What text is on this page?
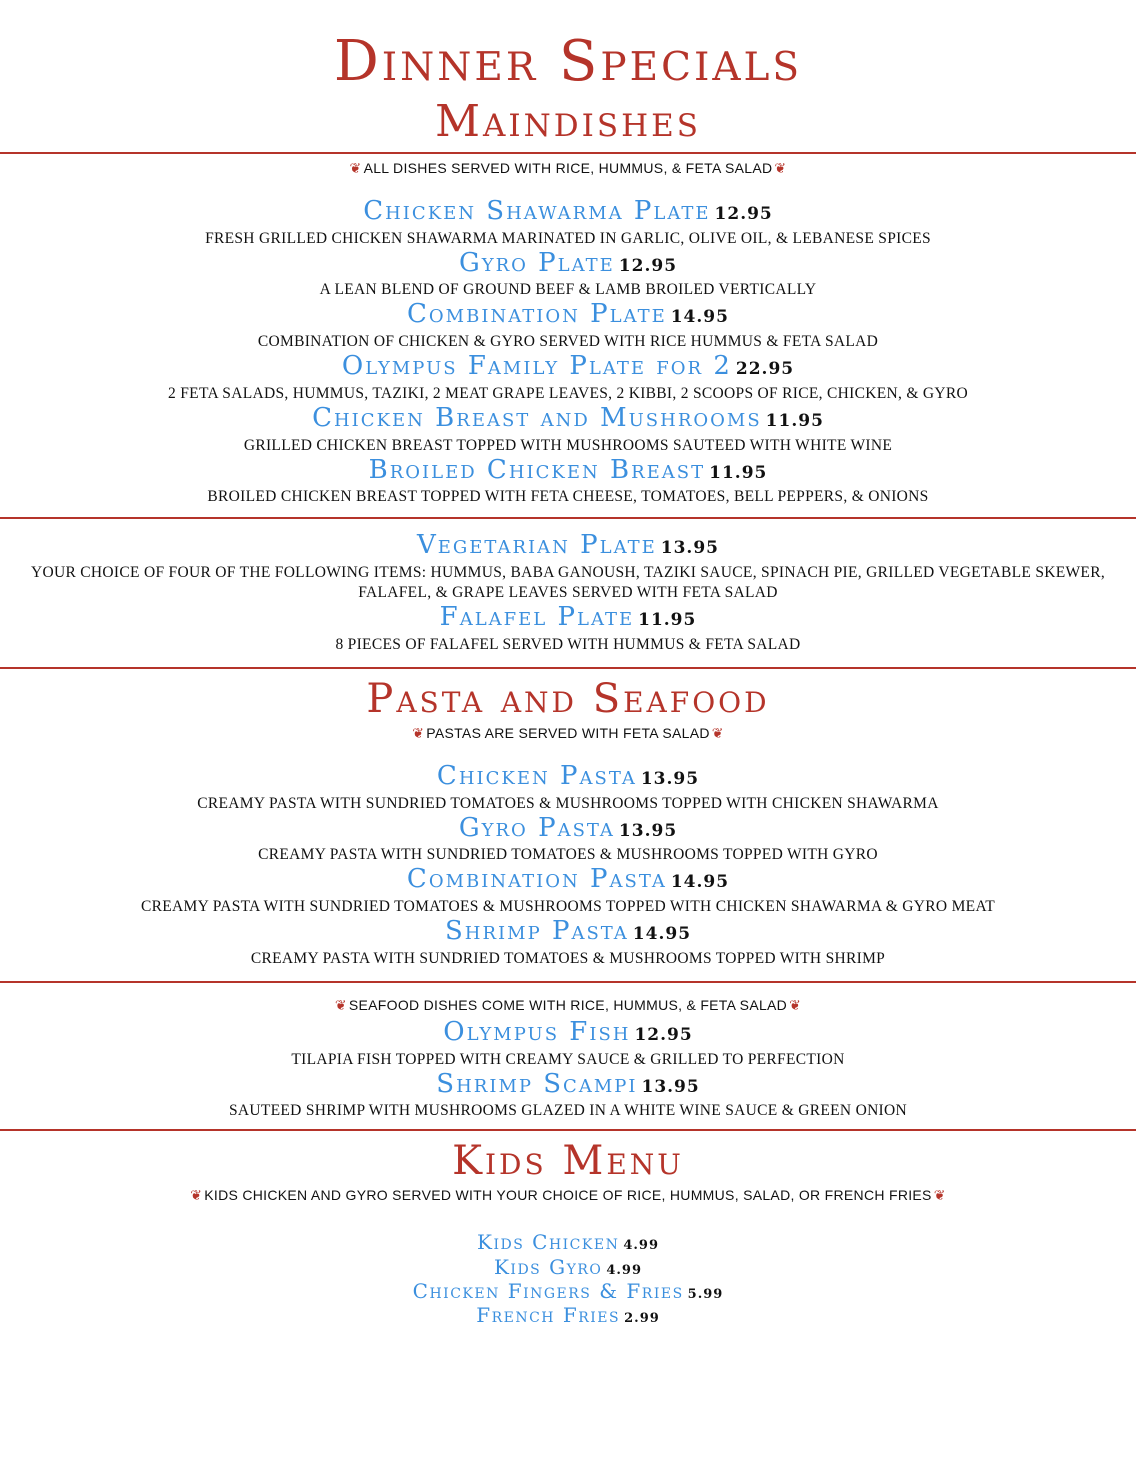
Dinner Specials
Maindishes

❦ ALL DISHES SERVED WITH RICE, HUMMUS, & FETA SALAD ❦

Chicken Shawarma Plate 12.95

FRESH GRILLED CHICKEN SHAWARMA MARINATED IN GARLIC, OLIVE OIL, & LEBANESE SPICES

Gyro Plate 12.95

A LEAN BLEND OF GROUND BEEF & LAMB BROILED VERTICALLY

Combination Plate 14.95

COMBINATION OF CHICKEN & GYRO SERVED WITH RICE HUMMUS & FETA SALAD

Olympus Family Plate for 2 22.95

2 FETA SALADS, HUMMUS, TAZIKI, 2 MEAT GRAPE LEAVES, 2 KIBBI, 2 SCOOPS OF RICE, CHICKEN, & GYRO

Chicken Breast and Mushrooms 11.95

GRILLED CHICKEN BREAST TOPPED WITH MUSHROOMS SAUTEED WITH WHITE WINE

Broiled Chicken Breast 11.95

BROILED CHICKEN BREAST TOPPED WITH FETA CHEESE, TOMATOES, BELL PEPPERS, & ONIONS

Vegetarian Plate 13.95

YOUR CHOICE OF FOUR OF THE FOLLOWING ITEMS: HUMMUS, BABA GANOUSH, TAZIKI SAUCE, SPINACH PIE, GRILLED VEGETABLE SKEWER, FALAFEL, & GRAPE LEAVES SERVED WITH FETA SALAD

Falafel Plate 11.95

8 PIECES OF FALAFEL SERVED WITH HUMMUS & FETA SALAD

Pasta and Seafood

❦ PASTAS ARE SERVED WITH FETA SALAD ❦

Chicken Pasta 13.95

CREAMY PASTA WITH SUNDRIED TOMATOES & MUSHROOMS TOPPED WITH CHICKEN SHAWARMA

Gyro Pasta 13.95

CREAMY PASTA WITH SUNDRIED TOMATOES & MUSHROOMS TOPPED WITH GYRO

Combination Pasta 14.95

CREAMY PASTA WITH SUNDRIED TOMATOES & MUSHROOMS TOPPED WITH CHICKEN SHAWARMA & GYRO MEAT

Shrimp Pasta 14.95

CREAMY PASTA WITH SUNDRIED TOMATOES & MUSHROOMS TOPPED WITH SHRIMP

❦ SEAFOOD DISHES COME WITH RICE, HUMMUS, & FETA SALAD ❦

Olympus Fish 12.95

TILAPIA FISH TOPPED WITH CREAMY SAUCE & GRILLED TO PERFECTION

Shrimp Scampi 13.95

SAUTEED SHRIMP WITH MUSHROOMS GLAZED IN A WHITE WINE SAUCE & GREEN ONION

Kids Menu

❦ KIDS CHICKEN AND GYRO SERVED WITH YOUR CHOICE OF RICE, HUMMUS, SALAD, OR FRENCH FRIES ❦

Kids Chicken 4.99

Kids Gyro 4.99

Chicken Fingers & Fries 5.99

French Fries 2.99
